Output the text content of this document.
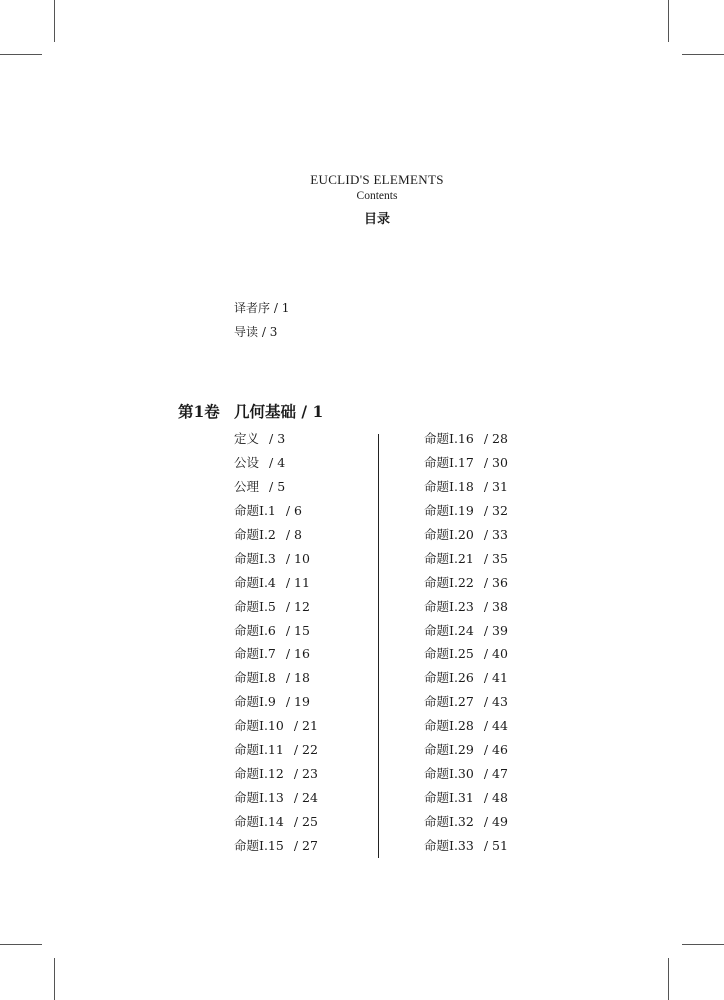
EUCLID'S ELEMENTS
Contents
目录
译者序 / 1
导读 / 3
第1卷 几何基础 / 1
定义 / 3
公设 / 4
公理 / 5
命题Ⅰ.1 / 6
命题Ⅰ.2 / 8
命题Ⅰ.3 / 10
命题Ⅰ.4 / 11
命题Ⅰ.5 / 12
命题Ⅰ.6 / 15
命题Ⅰ.7 / 16
命题Ⅰ.8 / 18
命题Ⅰ.9 / 19
命题Ⅰ.10 / 21
命题Ⅰ.11 / 22
命题Ⅰ.12 / 23
命题Ⅰ.13 / 24
命题Ⅰ.14 / 25
命题Ⅰ.15 / 27
命题Ⅰ.16 / 28
命题Ⅰ.17 / 30
命题Ⅰ.18 / 31
命题Ⅰ.19 / 32
命题Ⅰ.20 / 33
命题Ⅰ.21 / 35
命题Ⅰ.22 / 36
命题Ⅰ.23 / 38
命题Ⅰ.24 / 39
命题Ⅰ.25 / 40
命题Ⅰ.26 / 41
命题Ⅰ.27 / 43
命题Ⅰ.28 / 44
命题Ⅰ.29 / 46
命题Ⅰ.30 / 47
命题Ⅰ.31 / 48
命题Ⅰ.32 / 49
命题Ⅰ.33 / 51
